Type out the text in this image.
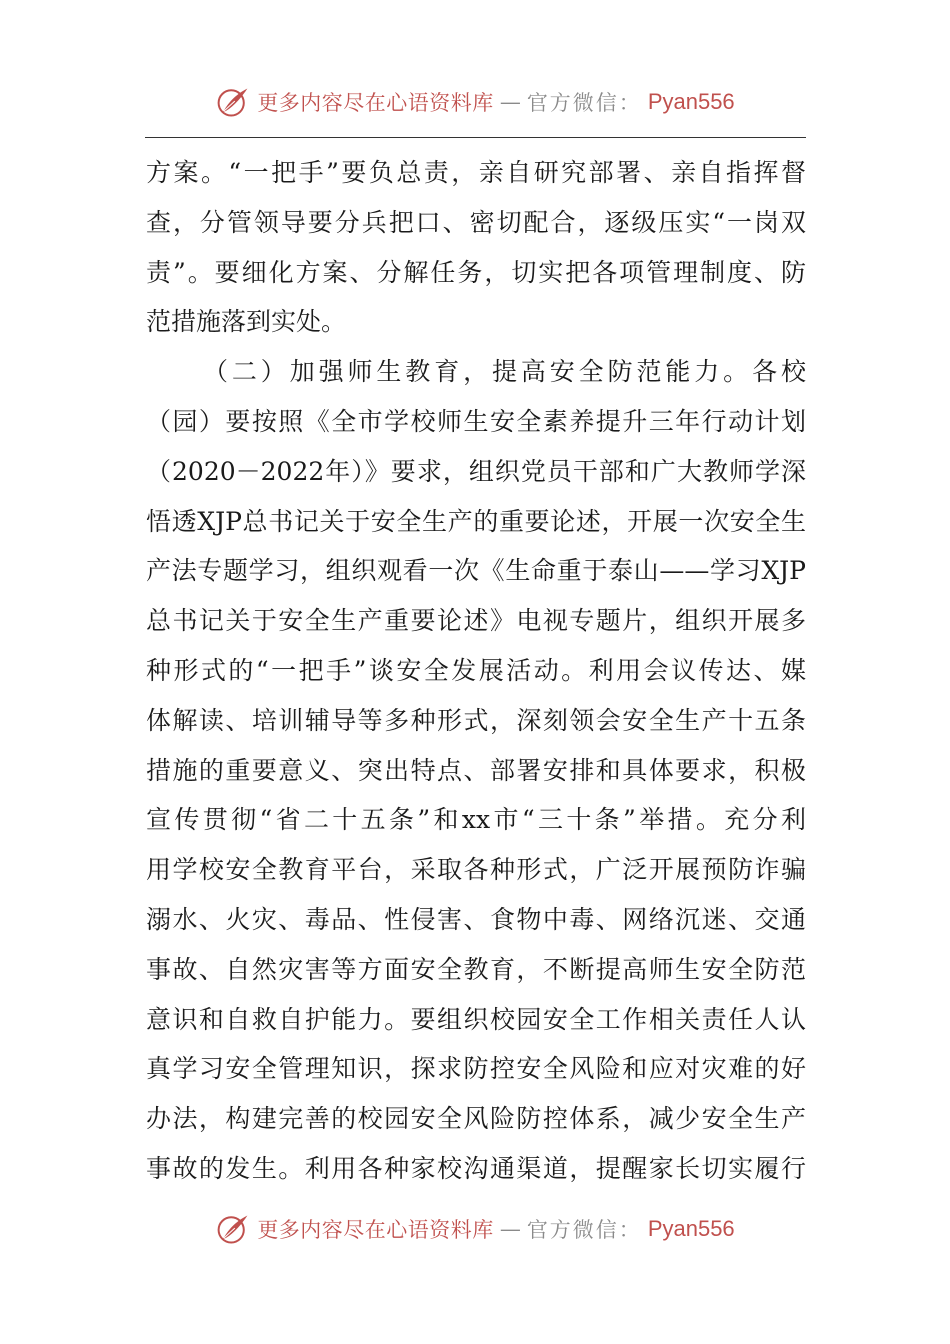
更多内容尽在心语资料库 — 官方微信： Pyan556
方案。“一把手”要负总责，亲自研究部署、亲自指挥督
查，分管领导要分兵把口、密切配合，逐级压实“一岗双
责”。要细化方案、分解任务，切实把各项管理制度、防
范措施落到实处。
（二）加强师生教育，提高安全防范能力。各校
（园）要按照《全市学校师生安全素养提升三年行动计划
（2020－2022年）》要求，组织党员干部和广大教师学深
悟透XJP总书记关于安全生产的重要论述，开展一次安全生
产法专题学习，组织观看一次《生命重于泰山——学习XJP
总书记关于安全生产重要论述》电视专题片，组织开展多
种形式的“一把手”谈安全发展活动。利用会议传达、媒
体解读、培训辅导等多种形式，深刻领会安全生产十五条
措施的重要意义、突出特点、部署安排和具体要求，积极
宣传贯彻“省二十五条”和xx市“三十条”举措。充分利
用学校安全教育平台，采取各种形式，广泛开展预防诈骗
溺水、火灾、毒品、性侵害、食物中毒、网络沉迷、交通
事故、自然灾害等方面安全教育，不断提高师生安全防范
意识和自救自护能力。要组织校园安全工作相关责任人认
真学习安全管理知识，探求防控安全风险和应对灾难的好
办法，构建完善的校园安全风险防控体系，减少安全生产
事故的发生。利用各种家校沟通渠道，提醒家长切实履行
更多内容尽在心语资料库 — 官方微信： Pyan556
